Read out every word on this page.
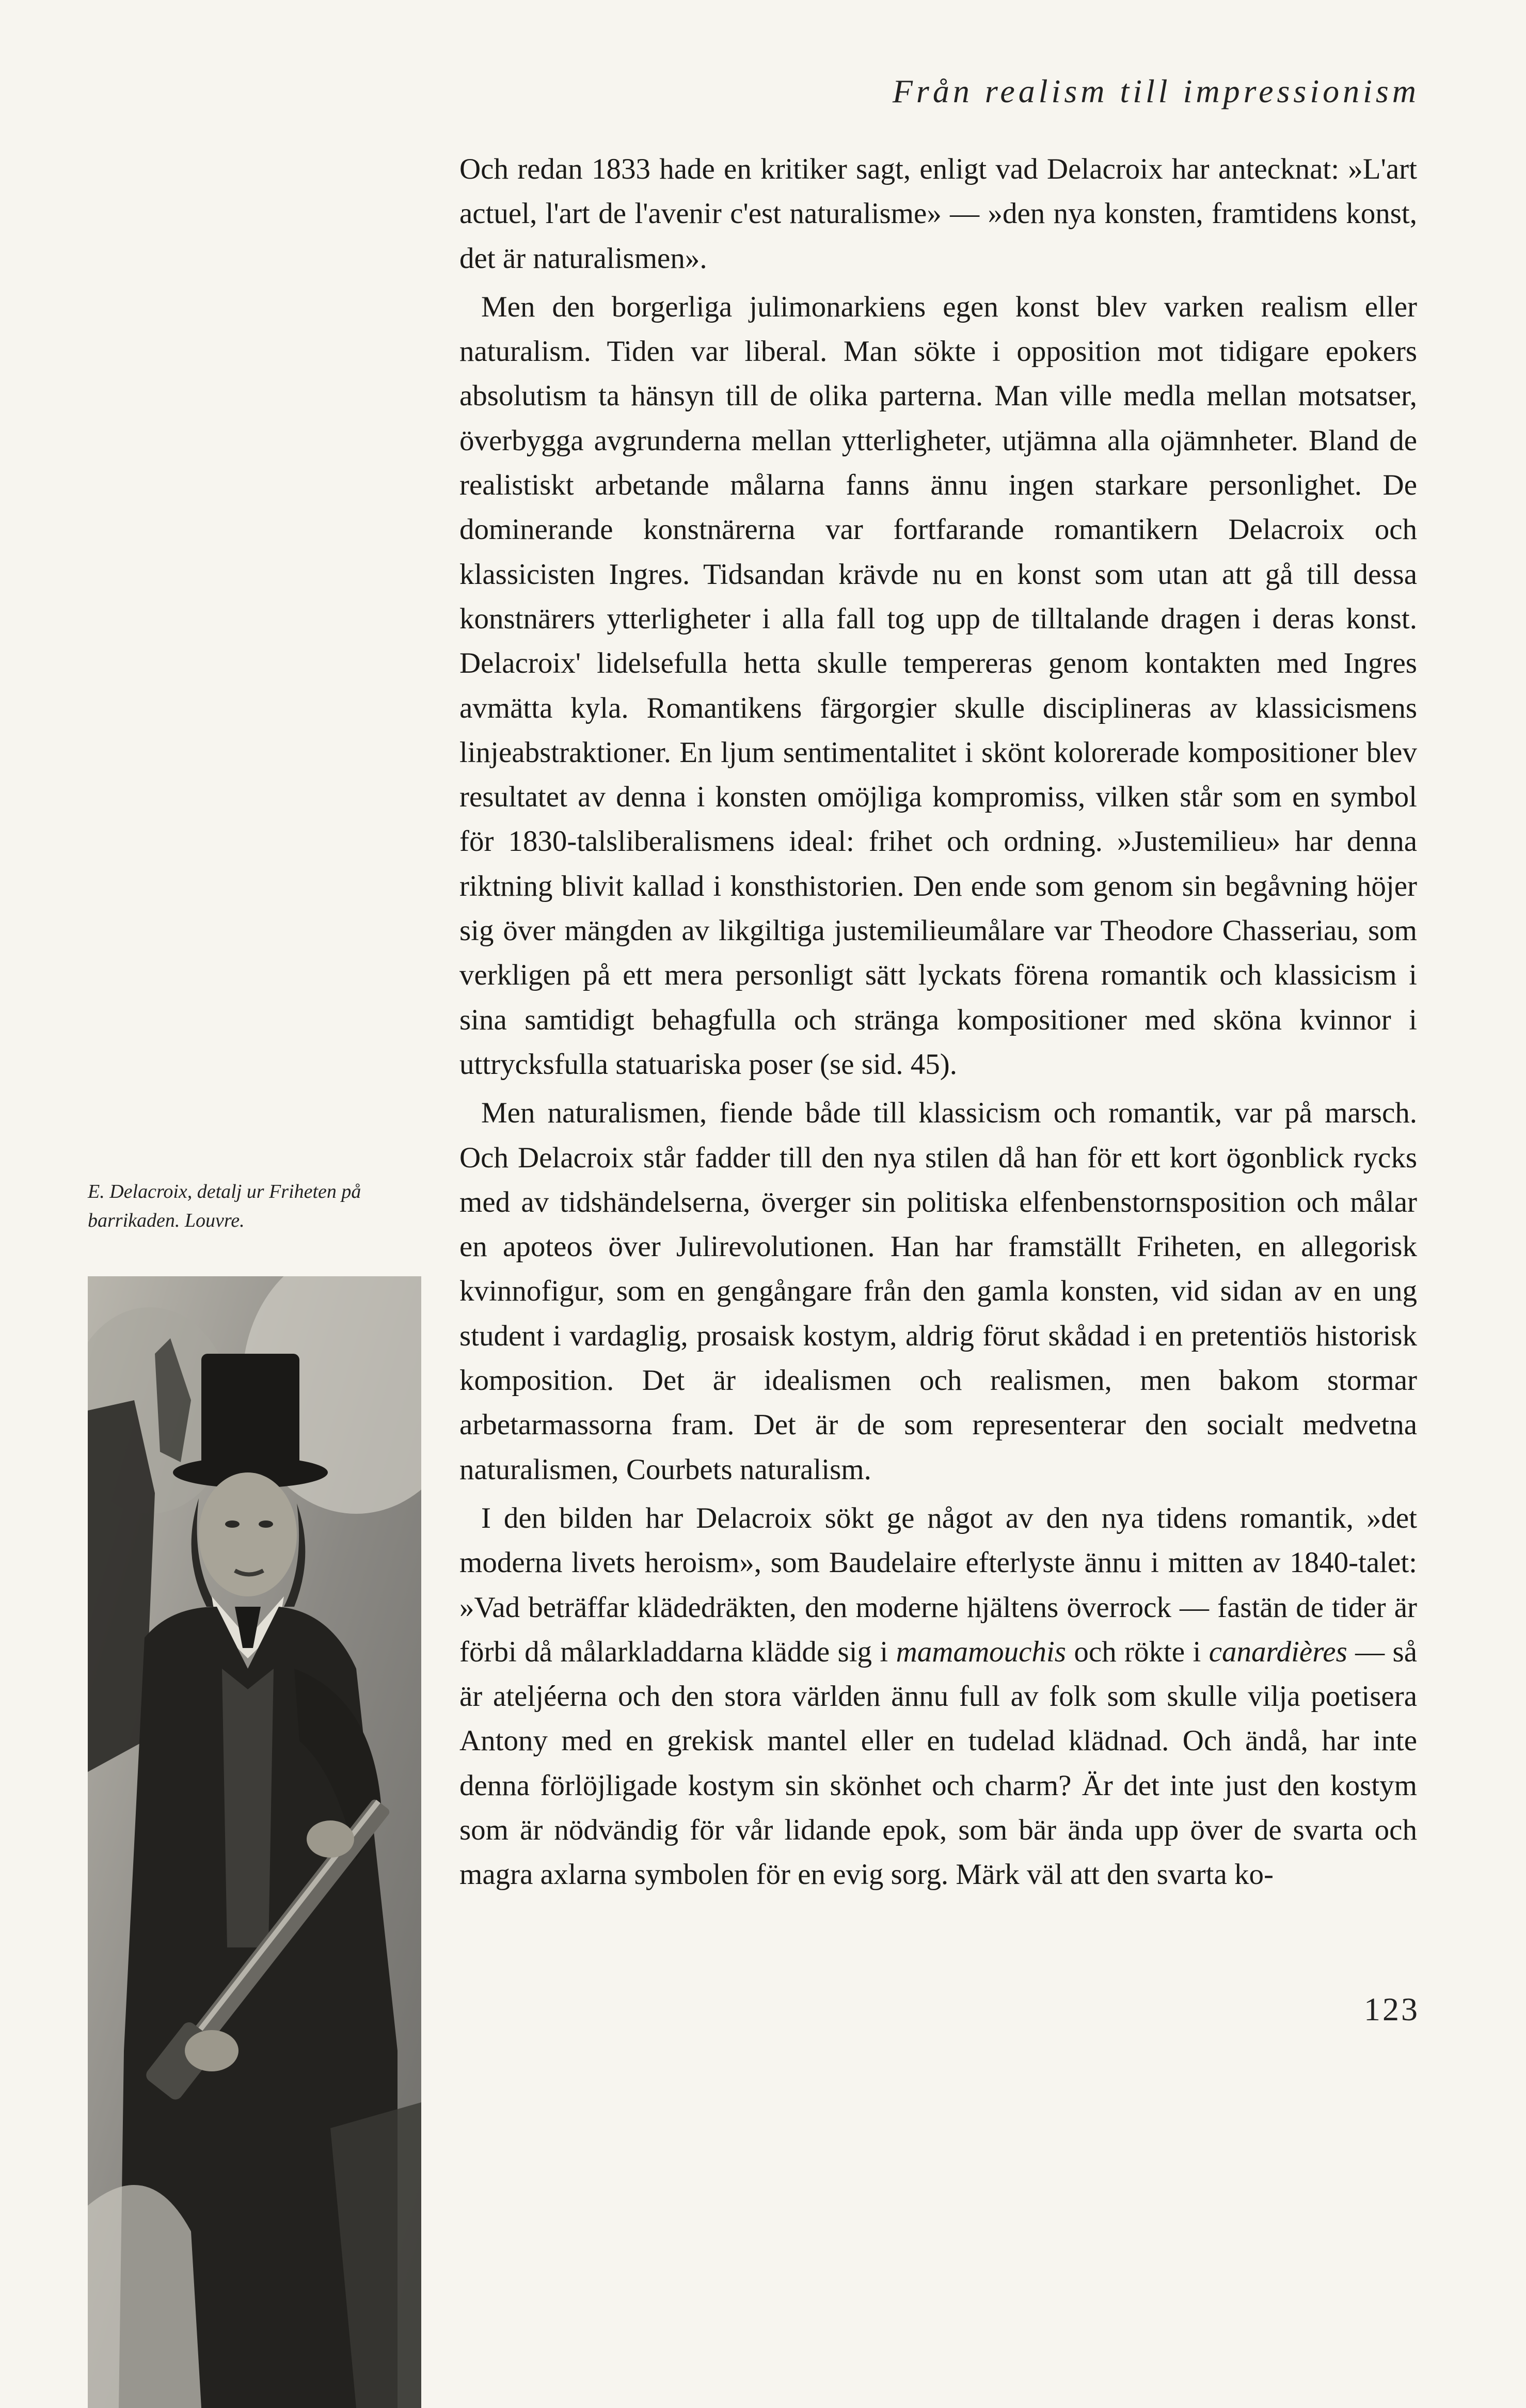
Från realism till impressionism

Och redan 1833 hade en kritiker sagt, enligt vad Delacroix har antecknat: »L'art actuel, l'art de l'avenir c'est naturalisme» — »den nya konsten, framtidens konst, det är naturalismen».

Men den borgerliga julimonarkiens egen konst blev varken realism eller naturalism. Tiden var liberal. Man sökte i opposition mot tidigare epokers absolutism ta hänsyn till de olika parterna. Man ville medla mellan motsatser, överbygga avgrunderna mellan ytterligheter, utjämna alla ojämnheter. Bland de realistiskt arbetande målarna fanns ännu ingen starkare personlighet. De dominerande konstnärerna var fortfarande romantikern Delacroix och klassicisten Ingres. Tidsandan krävde nu en konst som utan att gå till dessa konstnärers ytterligheter i alla fall tog upp de tilltalande dragen i deras konst. Delacroix' lidelsefulla hetta skulle tempereras genom kontakten med Ingres avmätta kyla. Romantikens färgorgier skulle disciplineras av klassicismens linjeabstraktioner. En ljum sentimentalitet i skönt kolorerade kompositioner blev resultatet av denna i konsten omöjliga kompromiss, vilken står som en symbol för 1830-talsliberalismens ideal: frihet och ordning. »Justemilieu» har denna riktning blivit kallad i konsthistorien. Den ende som genom sin begåvning höjer sig över mängden av likgiltiga justemilieumålare var Theodore Chasseriau, som verkligen på ett mera personligt sätt lyckats förena romantik och klassicism i sina samtidigt behagfulla och stränga kompositioner med sköna kvinnor i uttrycksfulla statuariska poser (se sid. 45).

Men naturalismen, fiende både till klassicism och romantik, var på marsch. Och Delacroix står fadder till den nya stilen då han för ett kort ögonblick rycks med av tidshändelserna, överger sin politiska elfenbenstornsposition och målar en apoteos över Julirevolutionen. Han har framställt Friheten, en allegorisk kvinnofigur, som en gengångare från den gamla konsten, vid sidan av en ung student i vardaglig, prosaisk kostym, aldrig förut skådad i en pretentiös historisk komposition. Det är idealismen och realismen, men bakom stormar arbetarmassorna fram. Det är de som representerar den socialt medvetna naturalismen, Courbets naturalism.

I den bilden har Delacroix sökt ge något av den nya tidens romantik, »det moderna livets heroism», som Baudelaire efterlyste ännu i mitten av 1840-talet: »Vad beträffar klädedräkten, den moderne hjältens överrock — fastän de tider är förbi då målarkladdarna klädde sig i mamamouchis och rökte i canardières — så är ateljéerna och den stora världen ännu full av folk som skulle vilja poetisera Antony med en grekisk mantel eller en tudelad klädnad. Och ändå, har inte denna förlöjligade kostym sin skönhet och charm? Är det inte just den kostym som är nödvändig för vår lidande epok, som bär ända upp över de svarta och magra axlarna symbolen för en evig sorg. Märk väl att den svarta ko-

E. Delacroix, detalj ur Friheten på barrikaden. Louvre.
123
